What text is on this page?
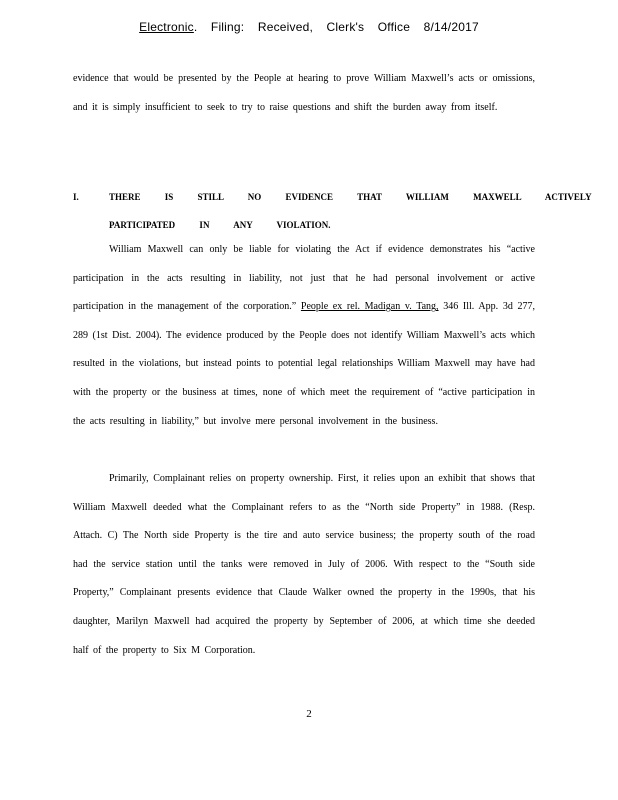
Electronic. Filing: Received, Clerk's Office 8/14/2017
evidence that would be presented by the People at hearing to prove William Maxwell’s acts or omissions, and it is simply insufficient to seek to try to raise questions and shift the burden away from itself.
I.	THERE IS STILL NO EVIDENCE THAT WILLIAM MAXWELL ACTIVELY
PARTICIPATED IN ANY VIOLATION.
William Maxwell can only be liable for violating the Act if evidence demonstrates his “active participation in the acts resulting in liability, not just that he had personal involvement or active participation in the management of the corporation.” People ex rel. Madigan v. Tang, 346 Ill. App. 3d 277, 289 (1st Dist. 2004). The evidence produced by the People does not identify William Maxwell’s acts which resulted in the violations, but instead points to potential legal relationships William Maxwell may have had with the property or the business at times, none of which meet the requirement of “active participation in the acts resulting in liability,” but involve mere personal involvement in the business.
Primarily, Complainant relies on property ownership. First, it relies upon an exhibit that shows that William Maxwell deeded what the Complainant refers to as the “North side Property” in 1988. (Resp. Attach. C) The North side Property is the tire and auto service business; the property south of the road had the service station until the tanks were removed in July of 2006. With respect to the “South side Property,” Complainant presents evidence that Claude Walker owned the property in the 1990s, that his daughter, Marilyn Maxwell had acquired the property by September of 2006, at which time she deeded half of the property to Six M Corporation.
2
